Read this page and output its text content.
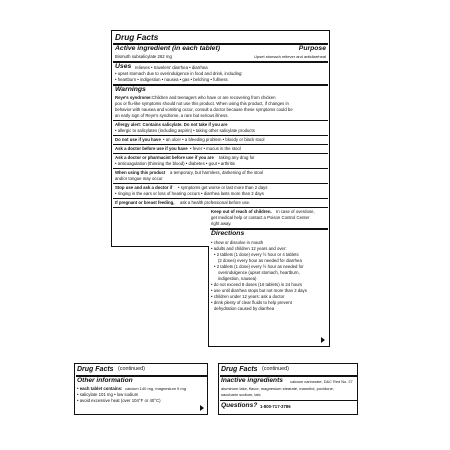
Drug Facts
Active ingredient (in each tablet)	Purpose
Bismuth subsalicylate 262 mg	Upset stomach reliever and antidiarrheal
Uses relieves • travelers' diarrhea • diarrhea
• upset stomach due to overindulgence in food and drink, including:
• heartburn • indigestion • nausea • gas • belching • fullness
Warnings
Reye's syndrome: Children and teenagers who have or are recovering from chicken
pox or flu-like symptoms should not use this product. When using this product, if changes in
behavior with nausea and vomiting occur, consult a doctor because these symptoms could be
an early sign of Reye's syndrome, a rare but serious illness.
Allergy alert: Contains salicylate. Do not take if you are
• allergic to salicylates (including aspirin) • taking other salicylate products
Do not use if you have • an ulcer • a bleeding problem • bloody or black stool
Ask a doctor before use if you have • fever • mucus in the stool
Ask a doctor or pharmacist before use if you are taking any drug for
• anticoagulation (thinning the blood) • diabetes • gout • arthritis
When using this product a temporary, but harmless, darkening of the stool
and/or tongue may occur
Stop use and ask a doctor if • symptoms get worse or last more than 2 days
• ringing in the ears or loss of hearing occurs • diarrhea lasts more than 2 days
If pregnant or breast feeding, ask a health professional before use.
Keep out of reach of children. In case of overdose,
get medical help or contact a Poison Control Center
right away.
Directions
• chew or dissolve in mouth
• adults and children 12 years and over:
• 2 tablets (1 dose) every ½ hour or 4 tablets
(2 doses) every hour as needed for diarrhea
• 2 tablets (1 dose) every ½ hour as needed for
overindulgence (upset stomach, heartburn,
indigestion, nausea)
• do not exceed 8 doses (16 tablets) in 24 hours
• use until diarrhea stops but not more than 2 days
• children under 12 years: ask a doctor
• drink plenty of clear fluids to help prevent
dehydration caused by diarrhea
Drug Facts (continued)
Other information
• each tablet contains: calcium 140 mg, magnesium 9 mg
• salicylate 101 mg • low sodium
• avoid excessive heat (over 104°F or 40°C)
Drug Facts (continued)
Inactive ingredients calcium carbonate, D&C Red No. 27
aluminum lake, flavor, magnesium stearate, mannitol, povidone,
saccharin sodium, talc
Questions? 1-800-717-3786
